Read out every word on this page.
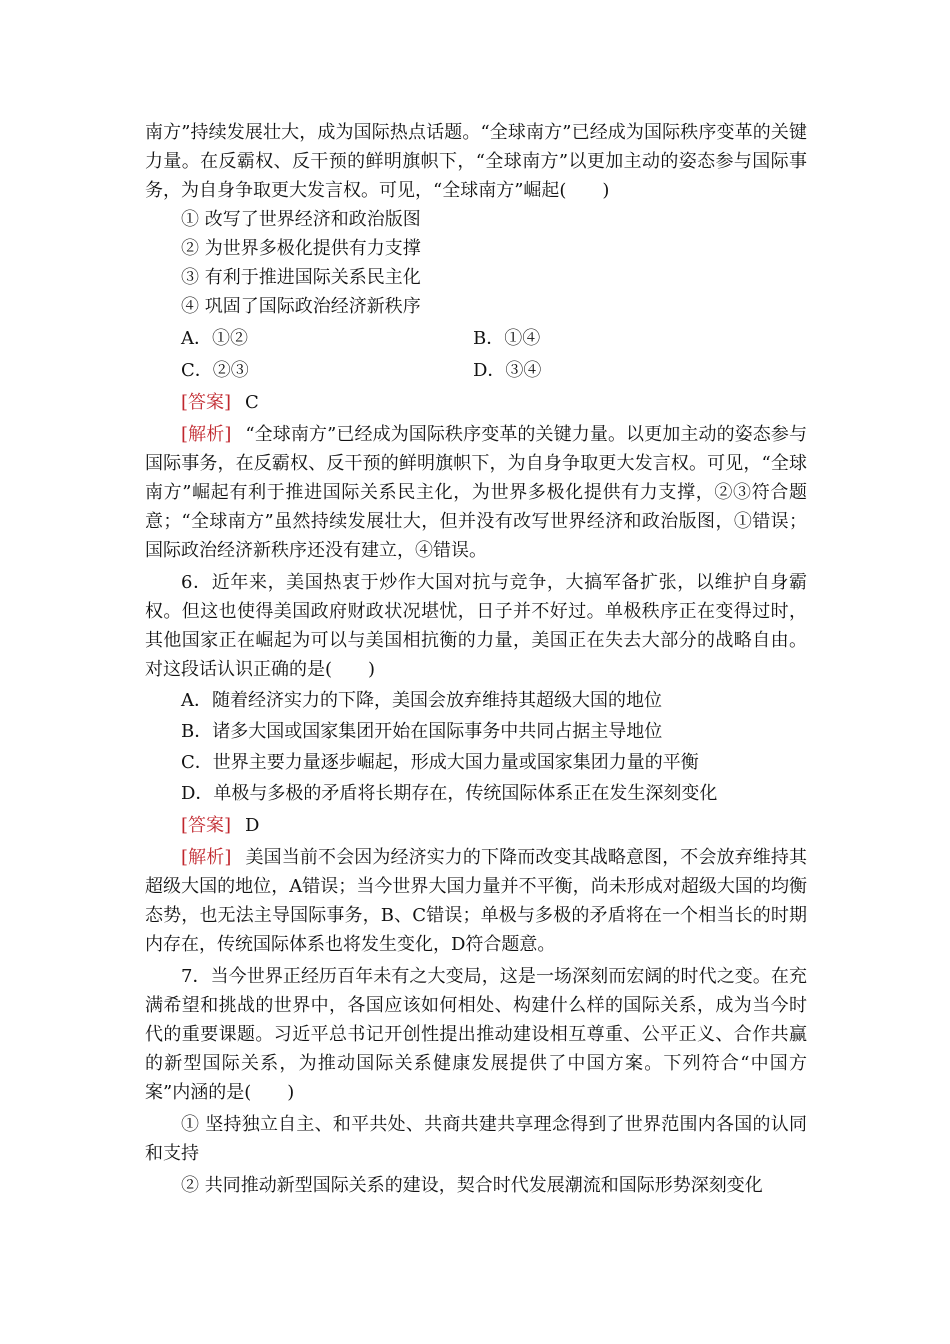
南方”持续发展壮大，成为国际热点话题。“全球南方”已经成为国际秩序变革的关键力量。在反霸权、反干预的鲜明旗帜下，“全球南方”以更加主动的姿态参与国际事务，为自身争取更大发言权。可见，“全球南方”崛起(　　)

① 改写了世界经济和政治版图

② 为世界多极化提供有力支撑

③ 有利于推进国际关系民主化

④ 巩固了国际政治经济新秩序

A．①②	B．①④
C．②③	D．③④

[答案] C

[解析] “全球南方”已经成为国际秩序变革的关键力量。以更加主动的姿态参与国际事务，在反霸权、反干预的鲜明旗帜下，为自身争取更大发言权。可见，“全球南方”崛起有利于推进国际关系民主化，为世界多极化提供有力支撑，②③符合题意；“全球南方”虽然持续发展壮大，但并没有改写世界经济和政治版图，①错误；国际政治经济新秩序还没有建立，④错误。

6．近年来，美国热衷于炒作大国对抗与竞争，大搞军备扩张，以维护自身霸权。但这也使得美国政府财政状况堪忧，日子并不好过。单极秩序正在变得过时，其他国家正在崛起为可以与美国相抗衡的力量，美国正在失去大部分的战略自由。对这段话认识正确的是(　　)

A．随着经济实力的下降，美国会放弃维持其超级大国的地位

B．诸多大国或国家集团开始在国际事务中共同占据主导地位

C．世界主要力量逐步崛起，形成大国力量或国家集团力量的平衡

D．单极与多极的矛盾将长期存在，传统国际体系正在发生深刻变化

[答案] D

[解析] 美国当前不会因为经济实力的下降而改变其战略意图，不会放弃维持其超级大国的地位，A错误；当今世界大国力量并不平衡，尚未形成对超级大国的均衡态势，也无法主导国际事务，B、C错误；单极与多极的矛盾将在一个相当长的时期内存在，传统国际体系也将发生变化，D符合题意。

7．当今世界正经历百年未有之大变局，这是一场深刻而宏阔的时代之变。在充满希望和挑战的世界中，各国应该如何相处、构建什么样的国际关系，成为当今时代的重要课题。习近平总书记开创性提出推动建设相互尊重、公平正义、合作共赢的新型国际关系，为推动国际关系健康发展提供了中国方案。下列符合“中国方案”内涵的是(　　)

① 坚持独立自主、和平共处、共商共建共享理念得到了世界范围内各国的认同和支持

② 共同推动新型国际关系的建设，契合时代发展潮流和国际形势深刻变化
